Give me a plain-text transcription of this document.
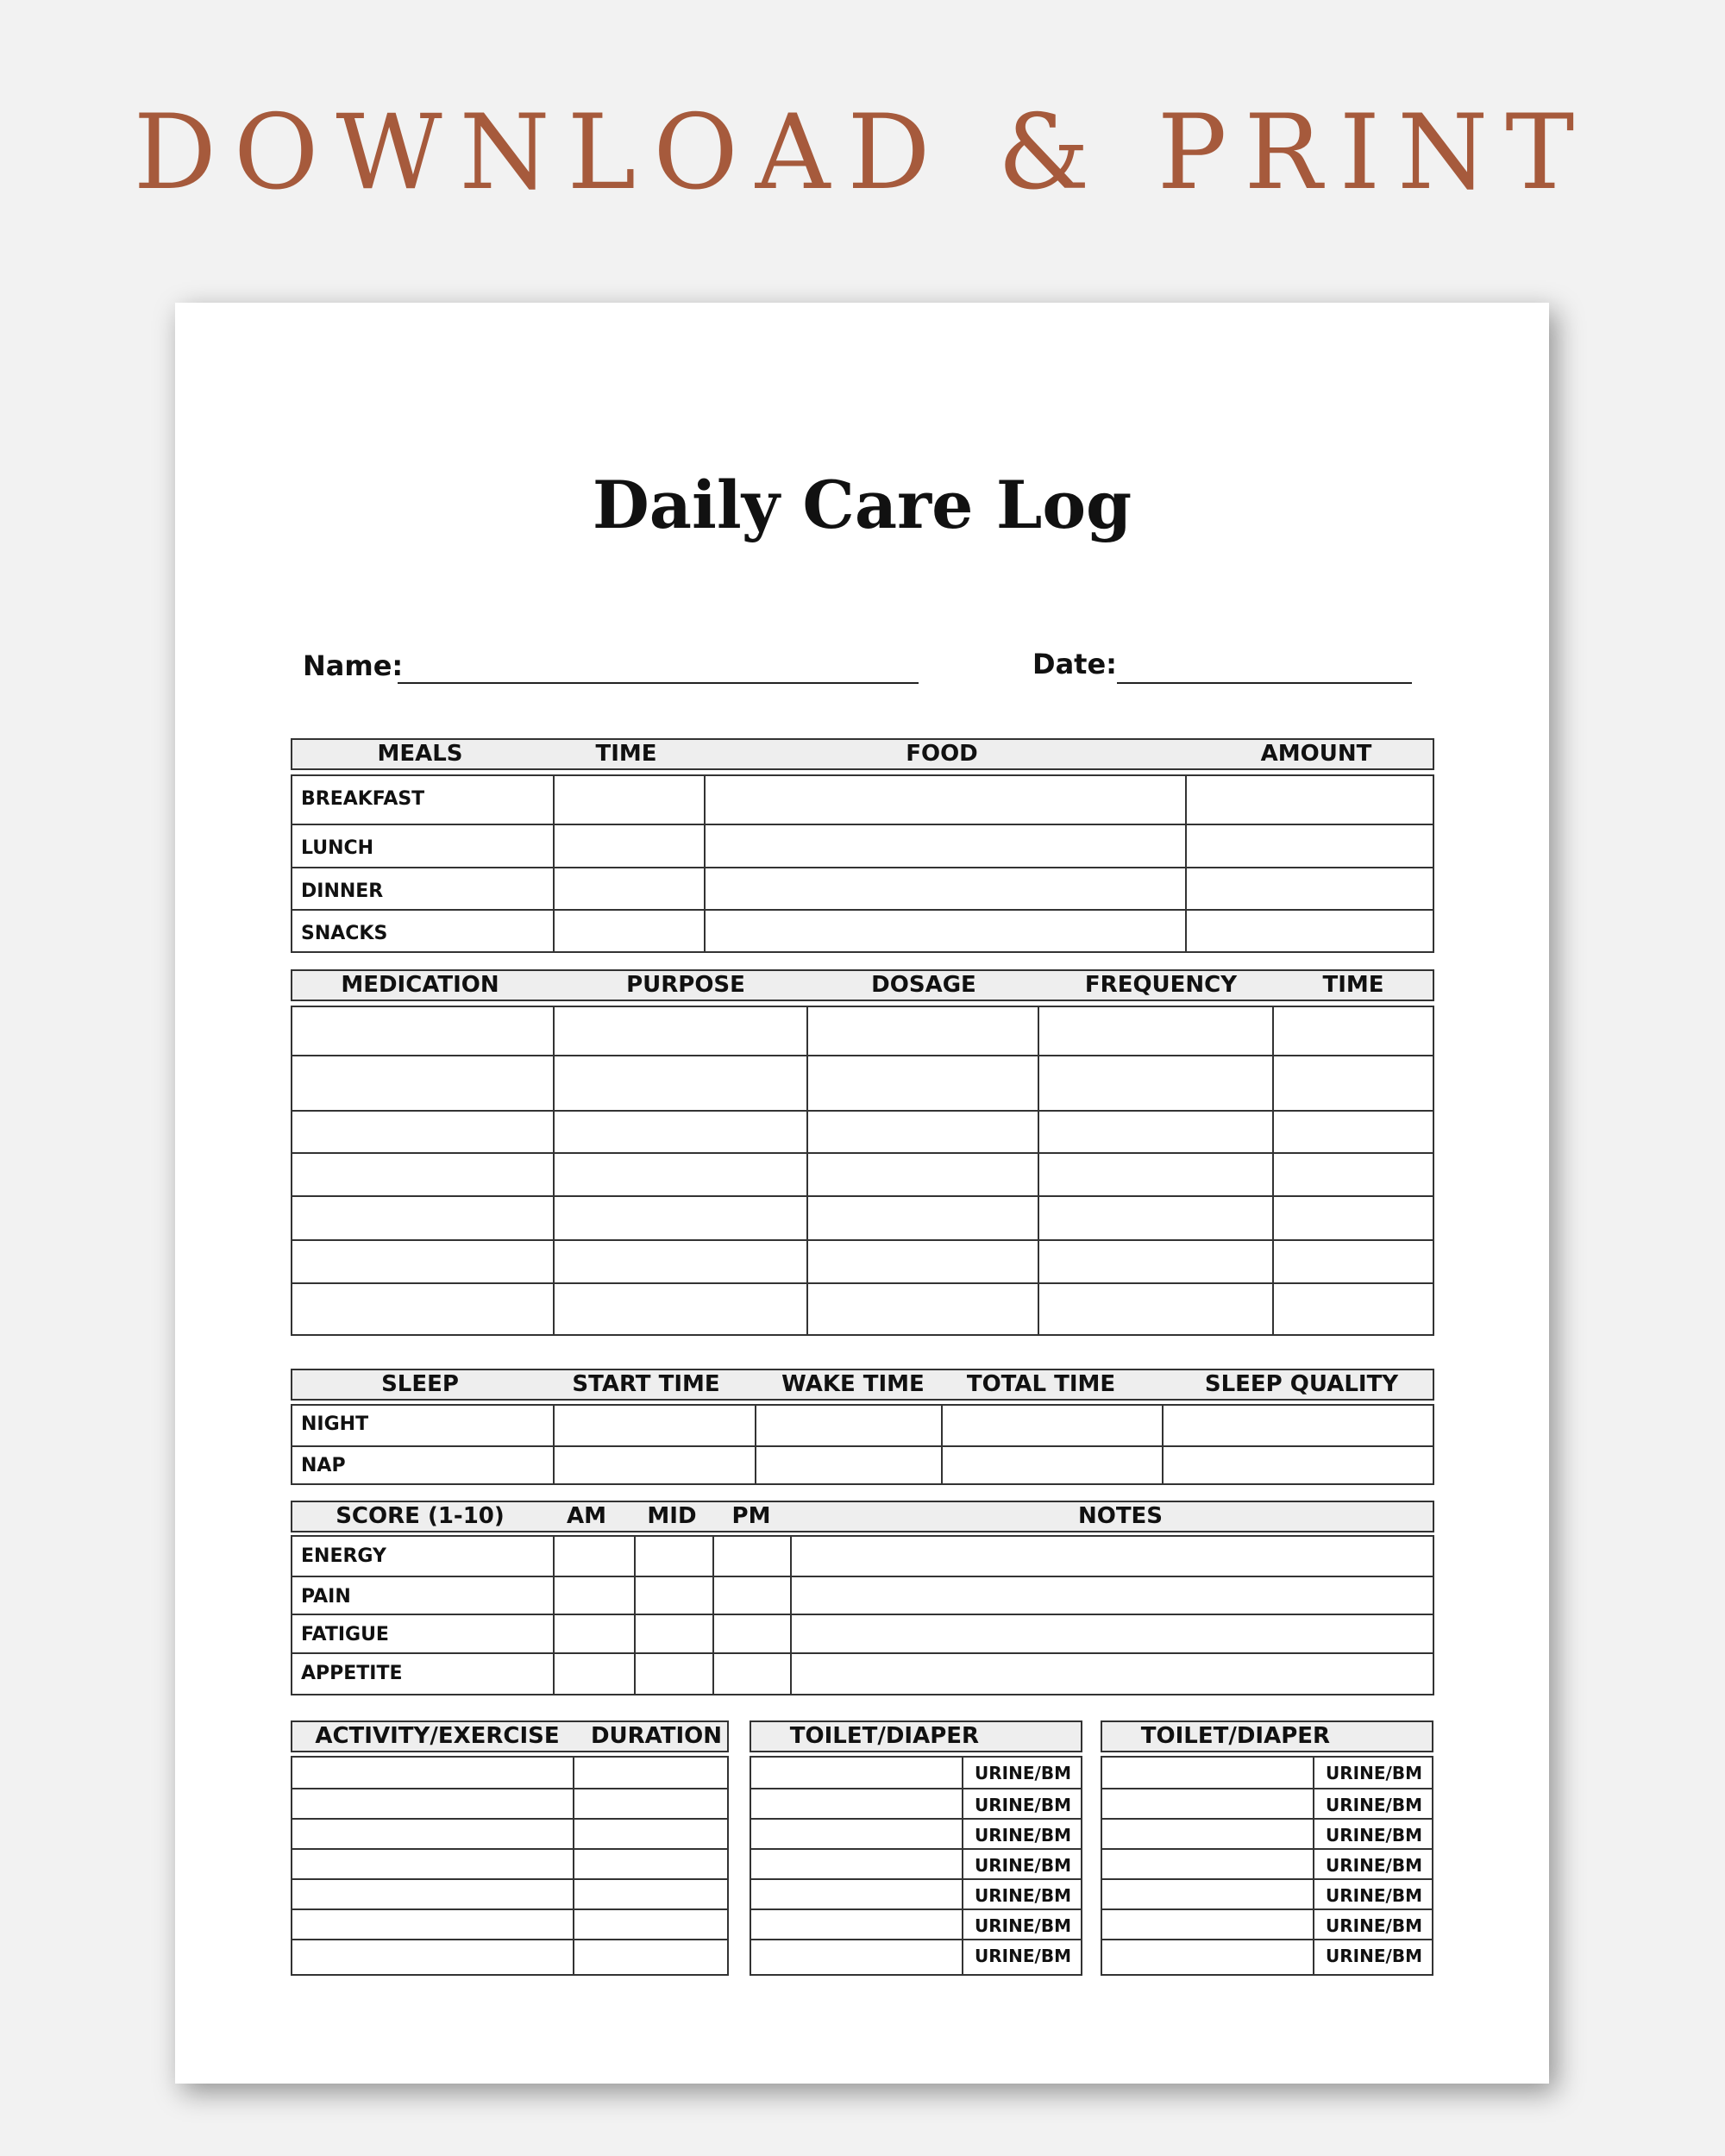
DOWNLOAD & PRINT
Daily Care Log
Name:	Date:
MEALS	TIME	FOOD	AMOUNT
BREAKFAST
LUNCH
DINNER
SNACKS
MEDICATION	PURPOSE	DOSAGE	FREQUENCY	TIME
SLEEP	START TIME	WAKE TIME TOTAL TIME	SLEEP QUALITY
NIGHT
NAP
SCORE (1-10)	AM MID PM	NOTES
ENERGY
PAIN
FATIGUE
APPETITE
ACTIVITY/EXERCISE DURATION	TOILET/DIAPER
URINE/BM
URINE/BM
URINE/BM
URINE/BM
URINE/BM
URINE/BM
URINE/BM
TOILET/DIAPER
URINE/BM
URINE/BM
URINE/BM
URINE/BM
URINE/BM
URINE/BM
URINE/BM
